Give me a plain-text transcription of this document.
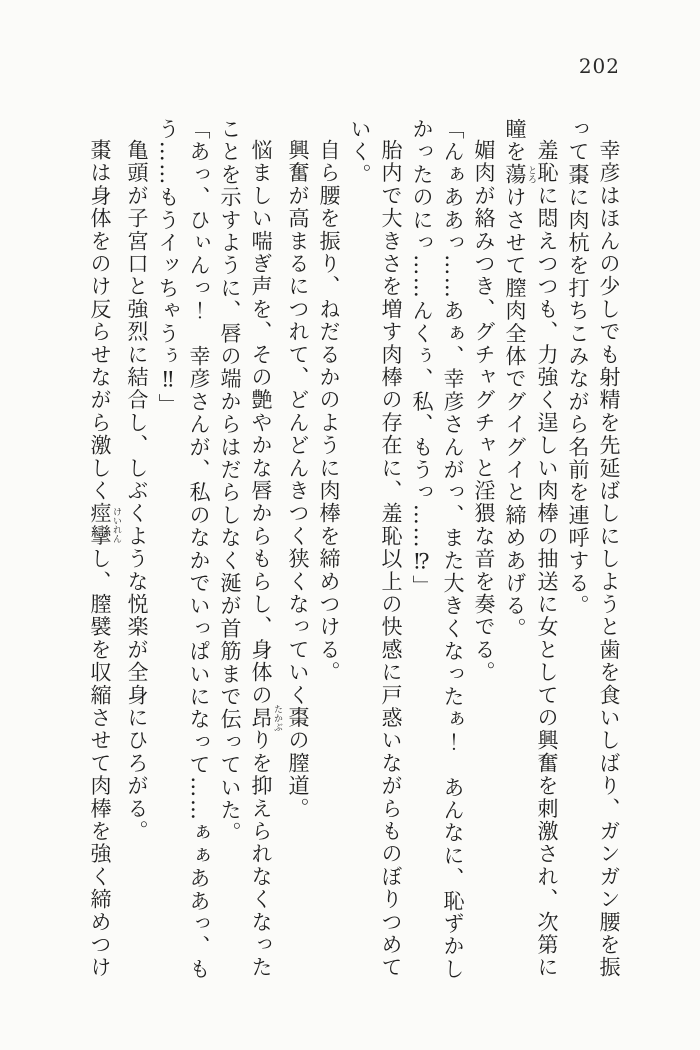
202

幸彦はほんの少しでも射精を先延ばしにしようと歯を食いしばり、ガンガン腰を振って棗に肉杭を打ちこみながら名前を連呼する。

羞恥に悶えつつも、力強く逞しい肉棒の抽送に女としての興奮を刺激され、次第に瞳を蕩 とろけさせて膣肉全体でグイグイと締めあげる。

媚肉が絡みつき、グチャグチャと淫猥な音を奏でる。

「んぁああっ……あぁ、幸彦さんがっ、また大きくなったぁ！　あんなに、恥ずかしかったのにっ……んくぅ、私、もうっ……⁉」

胎内で大きさを増す肉棒の存在に、羞恥以上の快感に戸惑いながらものぼりつめていく。

自ら腰を振り、ねだるかのように肉棒を締めつける。

興奮が高まるにつれて、どんどんきつく狭くなっていく棗の膣道。

悩ましい喘ぎ声を、その艶やかな唇からもらし、身体の昂 たかぶりを抑えられなくなったことを示すように、唇の端からはだらしなく涎が首筋まで伝っていた。

「あっ、ひぃんっ！　幸彦さんが、私のなかでいっぱいになって……ぁぁああっ、もう……もうイッちゃうぅ‼」

亀頭が子宮口と強烈に結合し、しぶくような悦楽が全身にひろがる。

棗は身体をのけ反らせながら激しく痙攣 けいれんし、膣襞を収縮させて肉棒を強く締めつけ
